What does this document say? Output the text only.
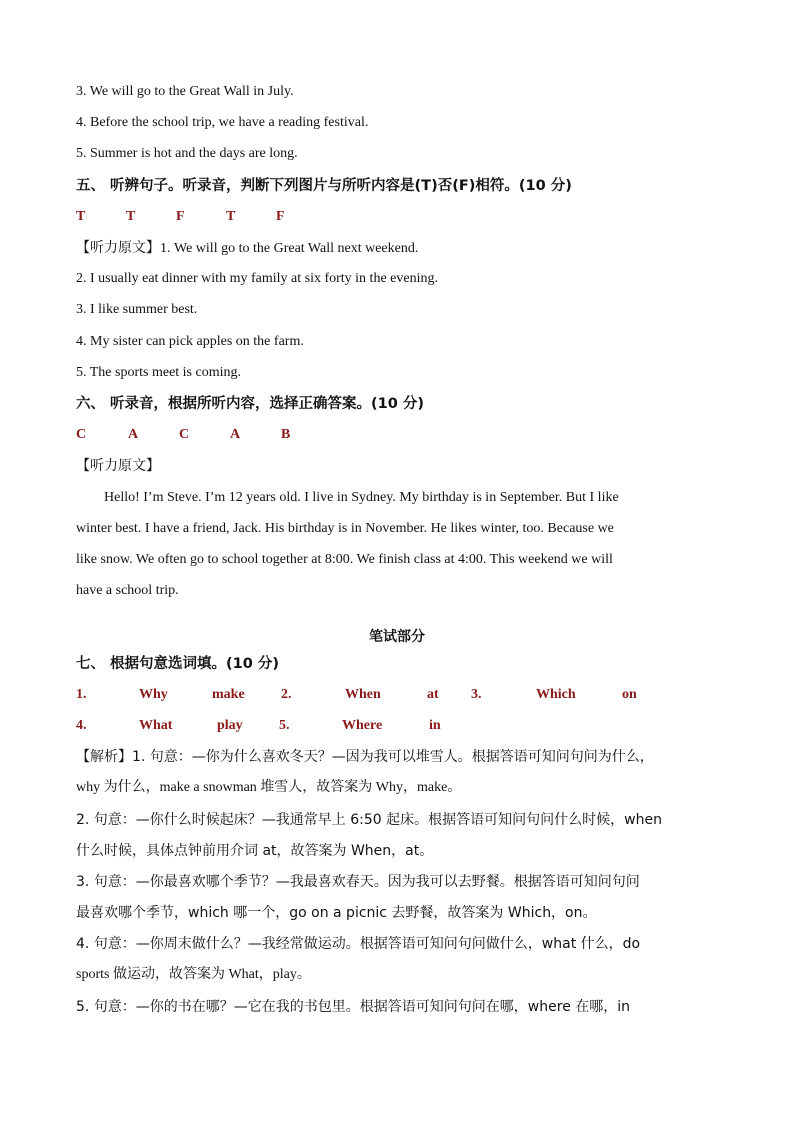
3. We will go to the Great Wall in July.
4. Before the school trip, we have a reading festival.
5. Summer is hot and the days are long.
五、 听辨句子。听录音，判断下列图片与所听内容是(T)否(F)相符。(10 分)
T	T	F	T	F
【听力原文】1. We will go to the Great Wall next weekend.
2. I usually eat dinner with my family at six forty in the evening.
3. I like summer best.
4. My sister can pick apples on the farm.
5. The sports meet is coming.
六、 听录音，根据所听内容，选择正确答案。(10 分)
C	A	C	A	B
【听力原文】
Hello! I’m Steve. I’m 12 years old. I live in Sydney. My birthday is in September. But I like
winter best. I have a friend, Jack. His birthday is in November. He likes winter, too. Because we
like snow. We often go to school together at 8:00. We finish class at 4:00. This weekend we will
have a school trip.
笔试部分
七、 根据句意选词填。(10 分)
1.	Why	make	2.	When	at 3.	Which	on
4.	What	play	5.	Where	in
【解析】1. 句意：—你为什么喜欢冬天？—因为我可以堆雪人。根据答语可知问句问为什么，
why 为什么，make a snowman 堆雪人，故答案为 Why，make。
2. 句意：—你什么时候起床？—我通常早上 6:50 起床。根据答语可知问句问什么时候，when
什么时候，具体点钟前用介词 at，故答案为 When，at。
3. 句意：—你最喜欢哪个季节？—我最喜欢春天。因为我可以去野餐。根据答语可知问句问
最喜欢哪个季节，which 哪一个，go on a picnic 去野餐，故答案为 Which，on。
4. 句意：—你周末做什么？—我经常做运动。根据答语可知问句问做什么，what 什么，do
sports 做运动，故答案为 What，play。
5. 句意：—你的书在哪？—它在我的书包里。根据答语可知问句问在哪，where 在哪，in
